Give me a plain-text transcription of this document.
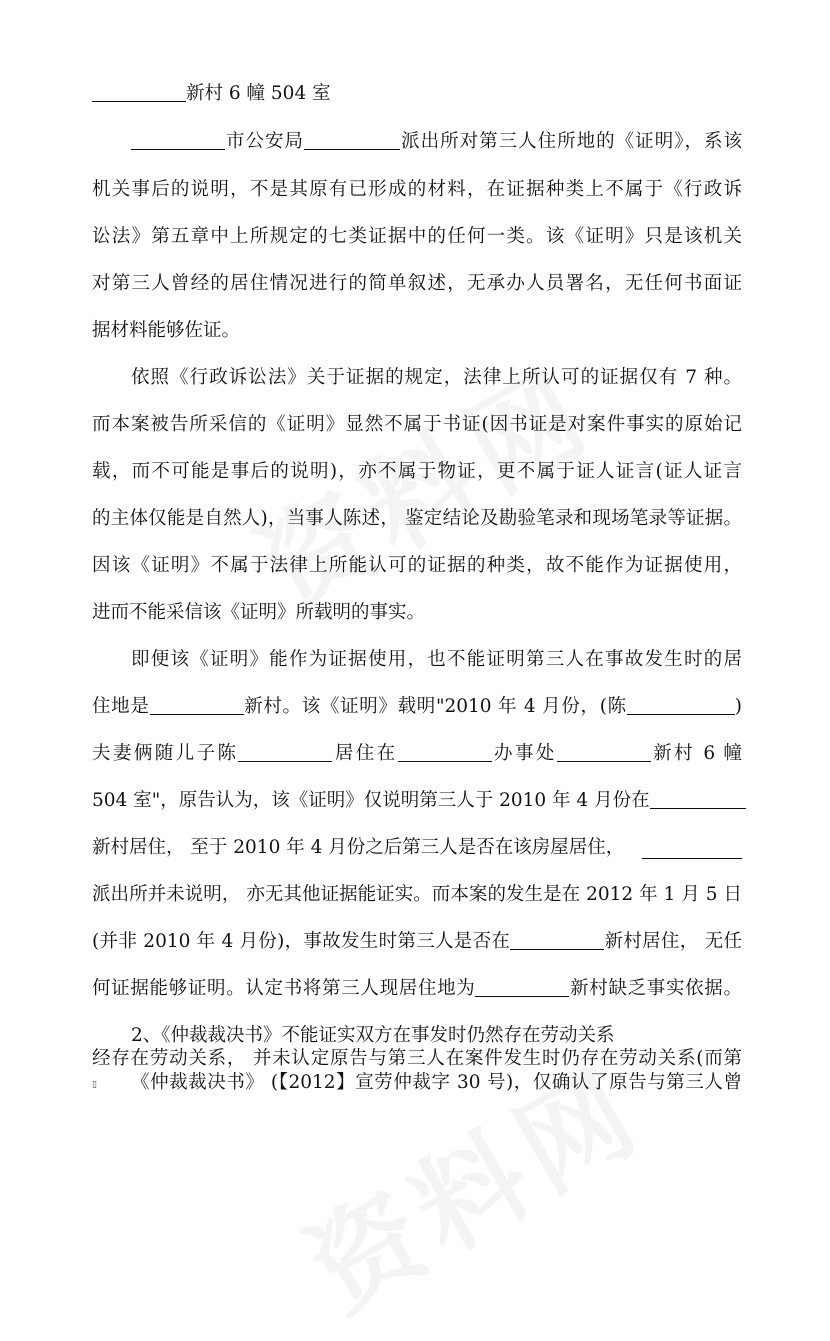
新村 6 幢 504 室
市公安局	派出所对第三人住所地的《证明》，系该
机关事后的说明，不是其原有已形成的材料，在证据种类上不属于《行政诉
讼法》第五章中上所规定的七类证据中的任何一类。该《证明》只是该机关
对第三人曾经的居住情况进行的简单叙述，无承办人员署名，无任何书面证
据材料能够佐证。
依照《行政诉讼法》关于证据的规定，法律上所认可的证据仅有 7 种。
而本案被告所采信的《证明》显然不属于书证(因书证是对案件事实的原始记
载，而不可能是事后的说明)，亦不属于物证，更不属于证人证言(证人证言
的主体仅能是自然人)，当事人陈述， 鉴定结论及勘验笔录和现场笔录等证据。
因该《证明》不属于法律上所能认可的证据的种类，故不能作为证据使用，
进而不能采信该《证明》所载明的事实。
即便该《证明》能作为证据使用，也不能证明第三人在事故发生时的居
住地是	新村。该《证明》载明"2010 年 4 月份，(陈	)
夫妻俩随儿子陈	居住在	办事处	新村 6 幢
504 室"，原告认为，该《证明》仅说明第三人于 2010 年 4 月份在
新村居住， 至于 2010 年 4 月份之后第三人是否在该房屋居住，
派出所并未说明， 亦无其他证据能证实。而本案的发生是在 2012 年 1 月 5 日
(并非 2010 年 4 月份)，事故发生时第三人是否在	新村居住， 无任
何证据能够证明。认定书将第三人现居住地为	新村缺乏事实依据。
2、《仲裁裁决书》不能证实双方在事发时仍然存在劳动关系
《仲裁裁决书》 (【2012】宣劳仲裁字 30 号)，仅确认了原告与第三人曾
经存在劳动关系， 并未认定原告与第三人在案件发生时仍存在劳动关系(而第
▯
